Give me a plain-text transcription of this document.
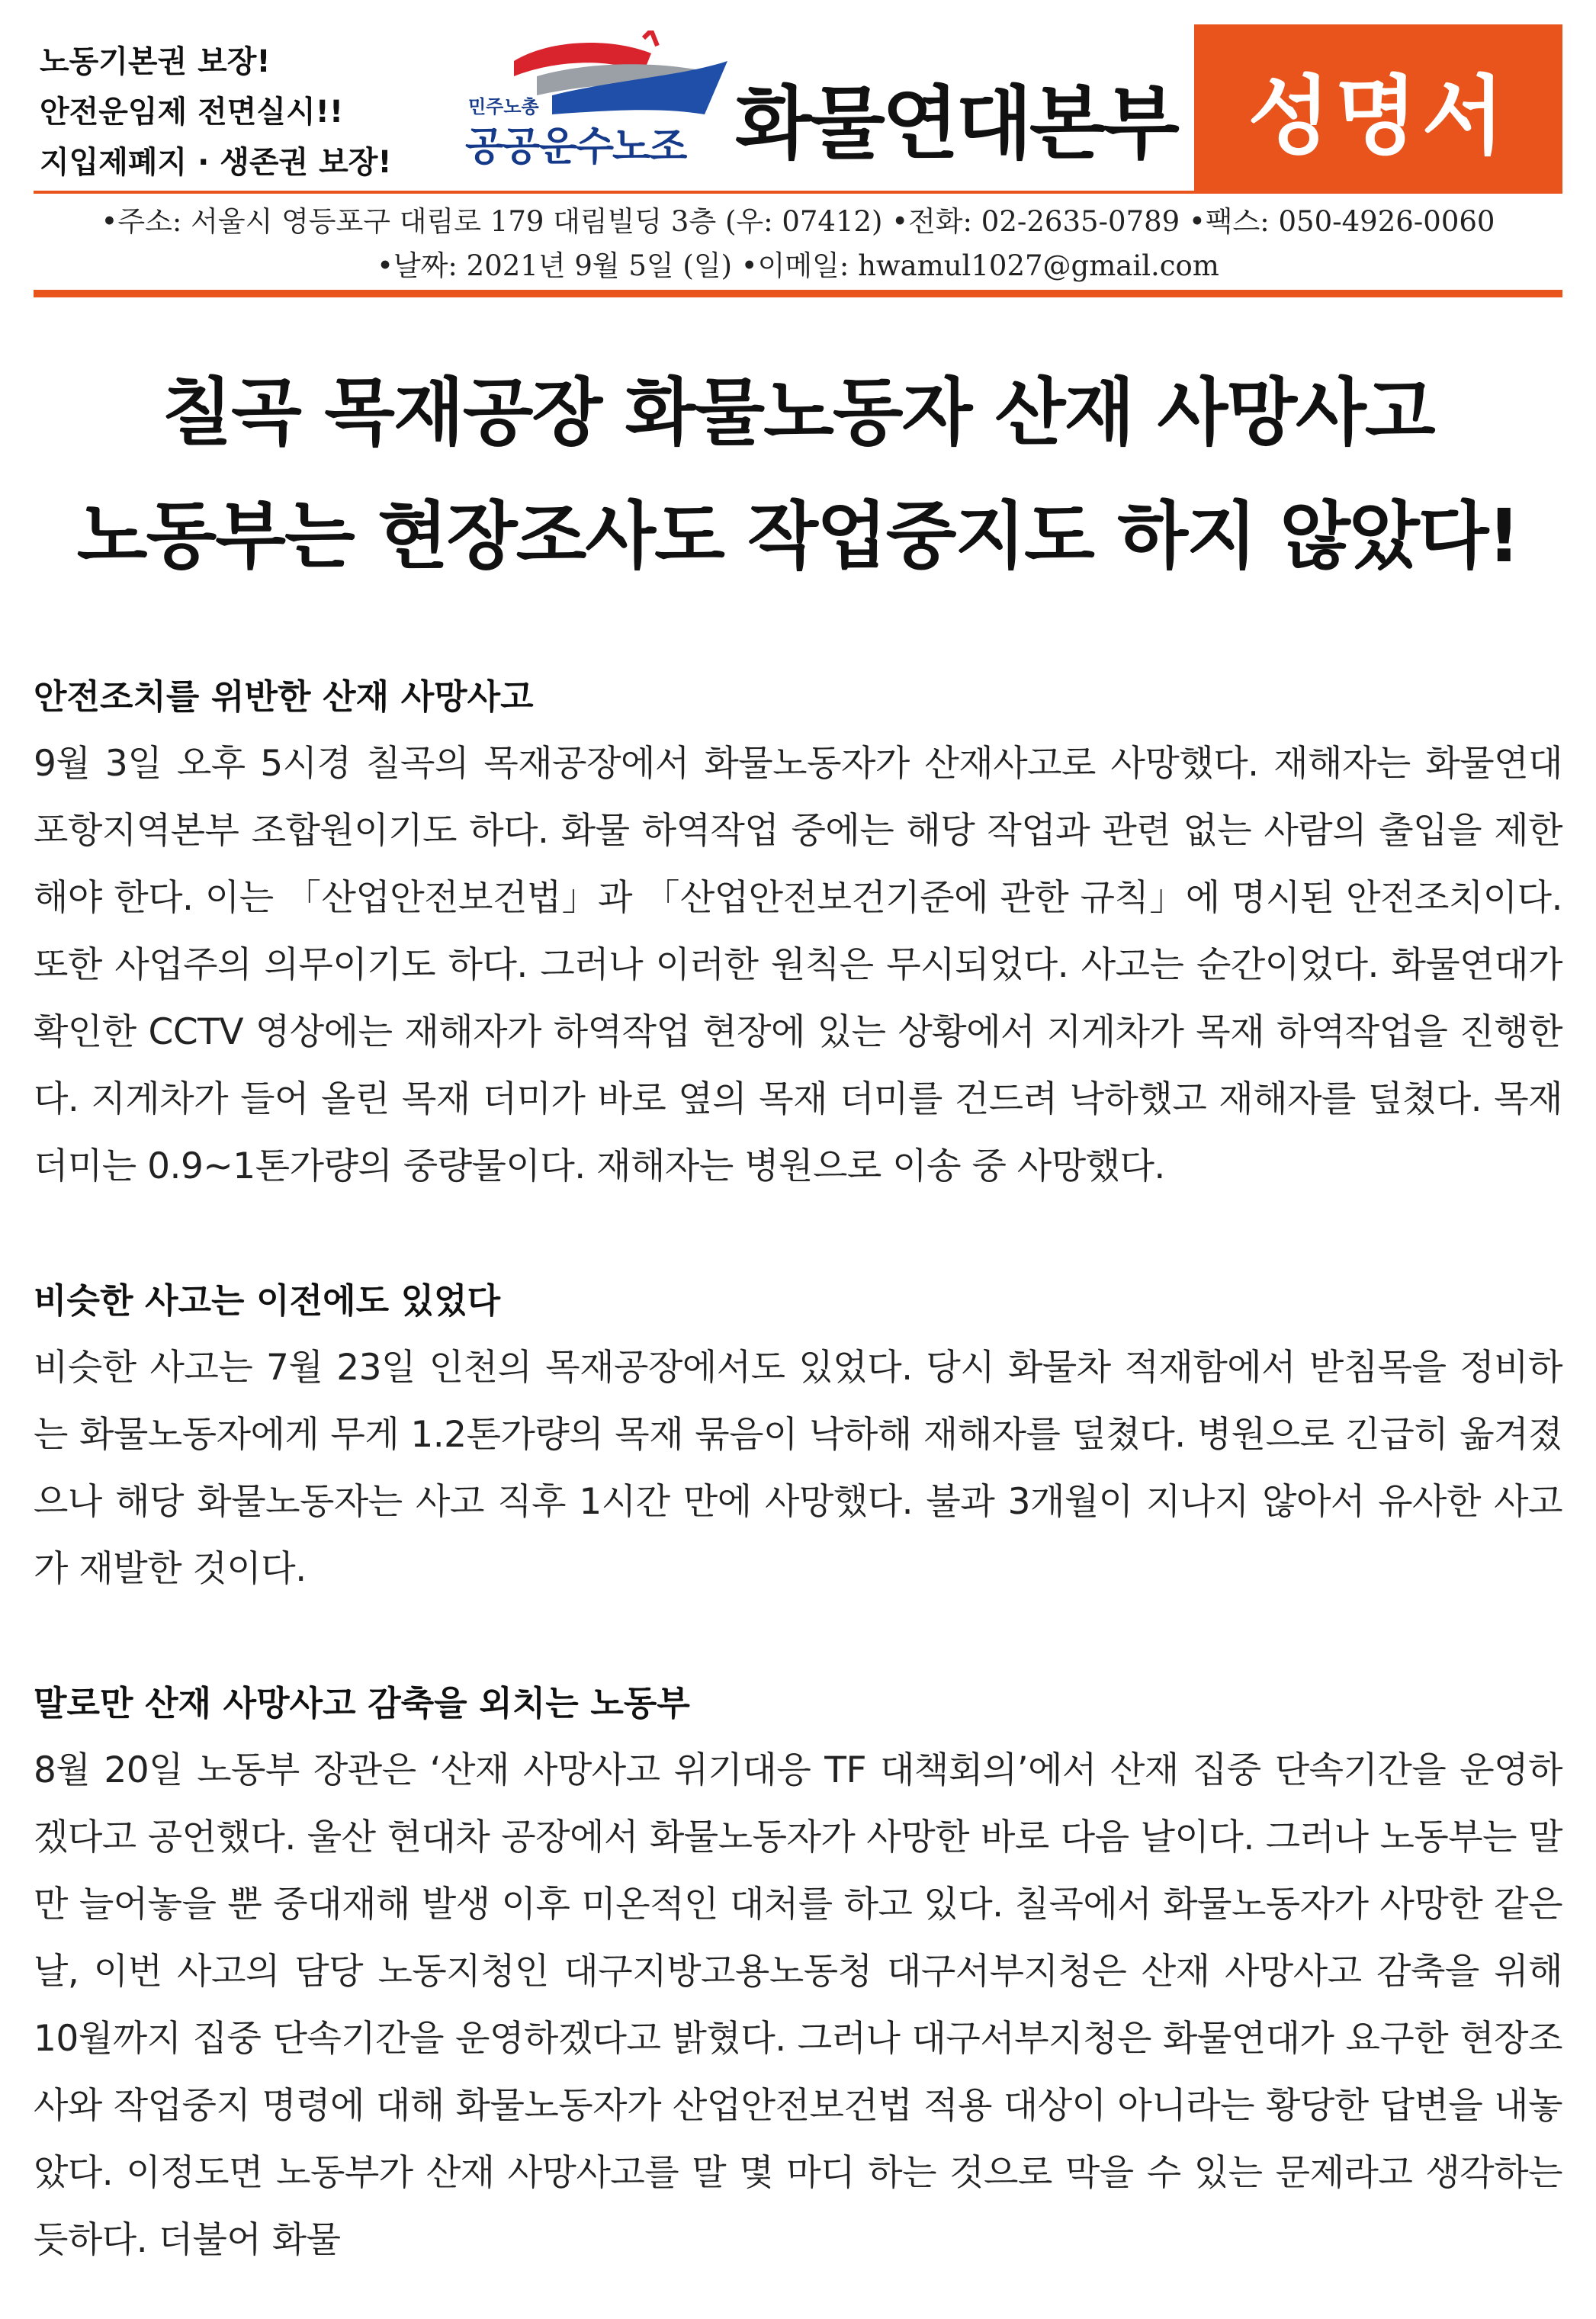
노동기본권 보장!
안전운임제 전면실시!!
지입제폐지 · 생존권 보장!
민주노총
공공운수노조 화물연대본부 성명서
•주소: 서울시 영등포구 대림로 179 대림빌딩 3층 (우: 07412) •전화: 02-2635-0789 •팩스: 050-4926-0060
•날짜: 2021년 9월 5일 (일) •이메일: hwamul1027@gmail.com
칠곡 목재공장 화물노동자 산재 사망사고
노동부는 현장조사도 작업중지도 하지 않았다!
안전조치를 위반한 산재 사망사고

9월 3일 오후 5시경 칠곡의 목재공장에서 화물노동자가 산재사고로 사망했다. 재해자는 화물연대 포항지역본부 조합원이기도 하다. 화물 하역작업 중에는 해당 작업과 관련 없는 사람의 출입을 제한해야 한다. 이는 「산업안전보건법」과 「산업안전보건기준에 관한 규칙」에 명시된 안전조치이다. 또한 사업주의 의무이기도 하다. 그러나 이러한 원칙은 무시되었다. 사고는 순간이었다. 화물연대가 확인한 CCTV 영상에는 재해자가 하역작업 현장에 있는 상황에서 지게차가 목재 하역작업을 진행한다. 지게차가 들어 올린 목재 더미가 바로 옆의 목재 더미를 건드려 낙하했고 재해자를 덮쳤다. 목재 더미는 0.9~1톤가량의 중량물이다. 재해자는 병원으로 이송 중 사망했다.

비슷한 사고는 이전에도 있었다

비슷한 사고는 7월 23일 인천의 목재공장에서도 있었다. 당시 화물차 적재함에서 받침목을 정비하는 화물노동자에게 무게 1.2톤가량의 목재 묶음이 낙하해 재해자를 덮쳤다. 병원으로 긴급히 옮겨졌으나 해당 화물노동자는 사고 직후 1시간 만에 사망했다. 불과 3개월이 지나지 않아서 유사한 사고가 재발한 것이다.

말로만 산재 사망사고 감축을 외치는 노동부

8월 20일 노동부 장관은 ‘산재 사망사고 위기대응 TF 대책회의’에서 산재 집중 단속기간을 운영하겠다고 공언했다. 울산 현대차 공장에서 화물노동자가 사망한 바로 다음 날이다. 그러나 노동부는 말만 늘어놓을 뿐 중대재해 발생 이후 미온적인 대처를 하고 있다. 칠곡에서 화물노동자가 사망한 같은 날, 이번 사고의 담당 노동지청인 대구지방고용노동청 대구서부지청은 산재 사망사고 감축을 위해 10월까지 집중 단속기간을 운영하겠다고 밝혔다. 그러나 대구서부지청은 화물연대가 요구한 현장조사와 작업중지 명령에 대해 화물노동자가 산업안전보건법 적용 대상이 아니라는 황당한 답변을 내놓았다. 이정도면 노동부가 산재 사망사고를 말 몇 마디 하는 것으로 막을 수 있는 문제라고 생각하는 듯하다. 더불어 화물
